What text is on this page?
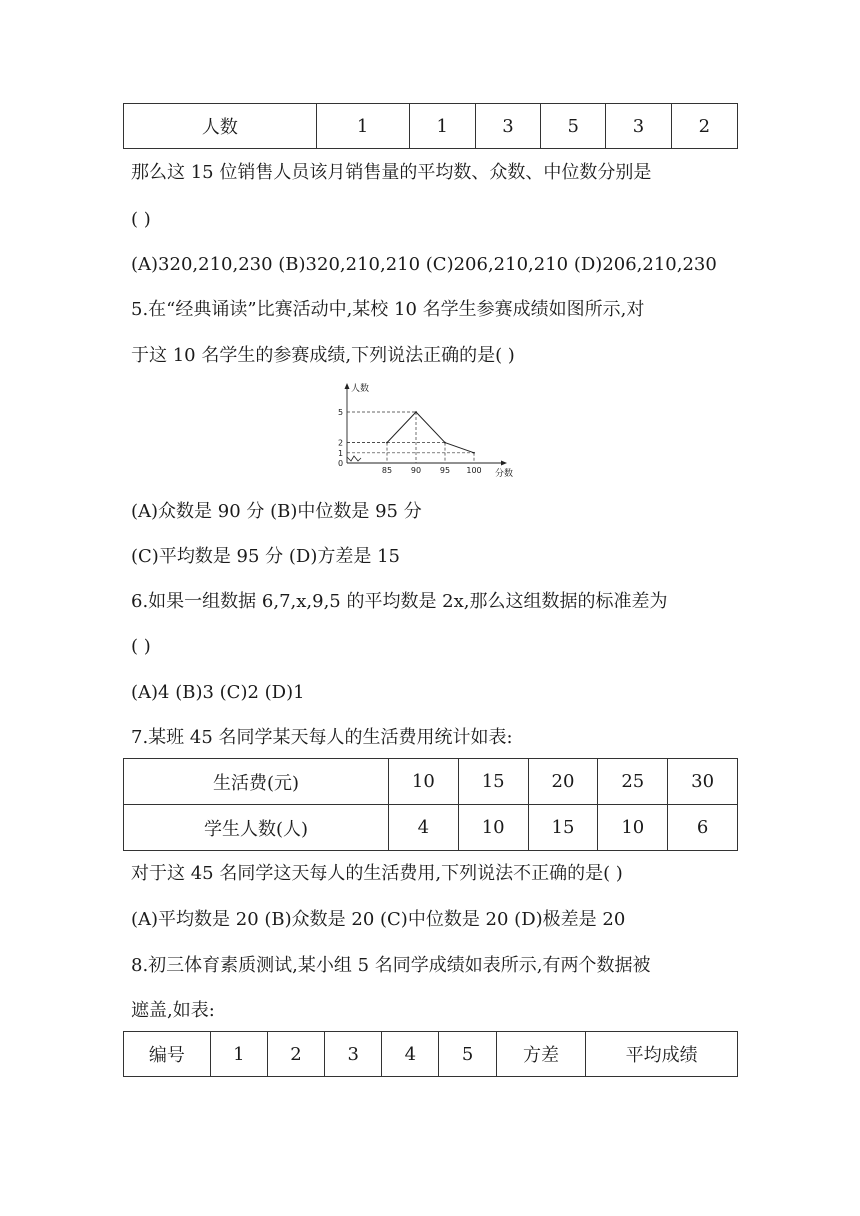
人数	1	1	3	5	3	2
那么这 15 位销售人员该月销售量的平均数、众数、中位数分别是
( )
(A)320,210,230 (B)320,210,210 (C)206,210,210 (D)206,210,230
5.在“经典诵读”比赛活动中,某校 10 名学生参赛成绩如图所示,对
于这 10 名学生的参赛成绩,下列说法正确的是( )
人数
分数
0
1
2
5
85 90 95 100
(A)众数是 90 分 (B)中位数是 95 分
(C)平均数是 95 分 (D)方差是 15
6.如果一组数据 6,7,x,9,5 的平均数是 2x,那么这组数据的标准差为
( )
(A)4 (B)3 (C)2 (D)1
7.某班 45 名同学某天每人的生活费用统计如表:
生活费(元)	10	15	20	25	30
学生人数(人)	4	10	15	10	6
对于这 45 名同学这天每人的生活费用,下列说法不正确的是( )
(A)平均数是 20 (B)众数是 20 (C)中位数是 20 (D)极差是 20
8.初三体育素质测试,某小组 5 名同学成绩如表所示,有两个数据被
遮盖,如表:
编号	1	2	3	4	5	方差	平均成绩
